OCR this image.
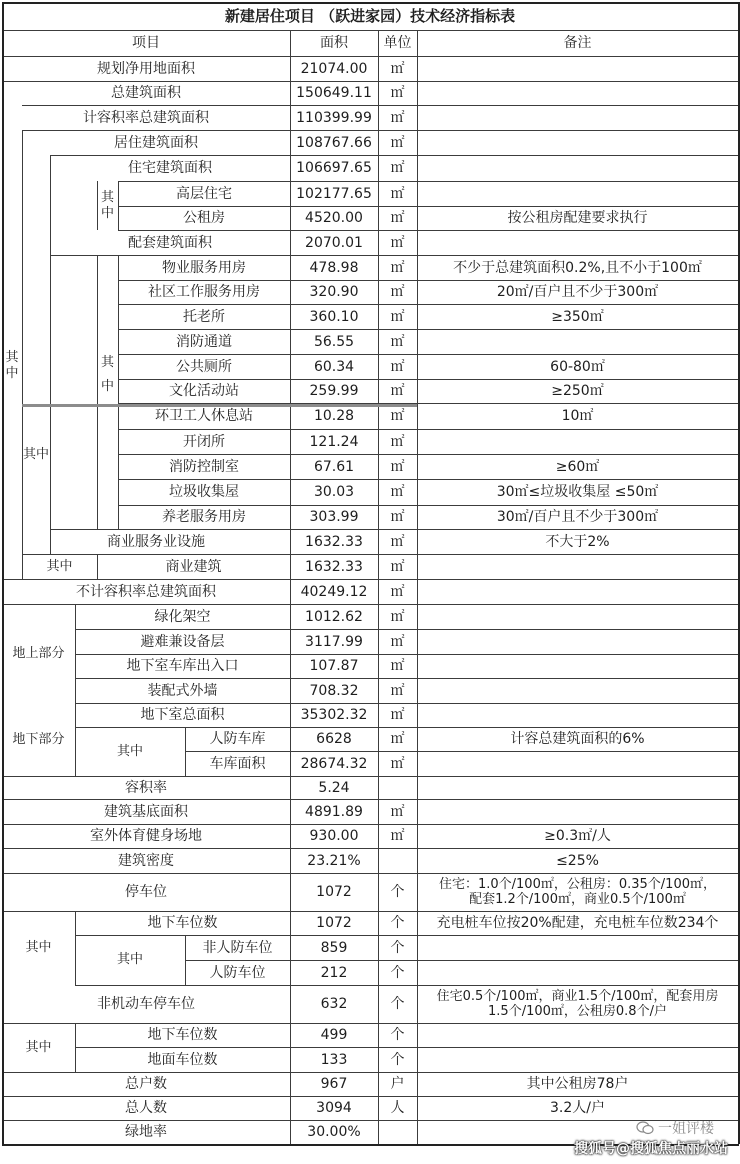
新建居住项目 （跃进家园）技术经济指标表
项目	面积	单位	备注
规划净用地面积	21074.00	㎡
总建筑面积	150649.11	㎡
计容积率总建筑面积	110399.99	㎡
居住建筑面积	108767.66	㎡
住宅建筑面积	106697.65	㎡
高层住宅	102177.65	㎡
公租房	4520.00	㎡	按公租房配建要求执行
配套建筑面积	2070.01	㎡
物业服务用房	478.98	㎡	不少于总建筑面积0.2%,且不小于100㎡
社区工作服务用房	320.90	㎡	20㎡/百户且不少于300㎡
托老所	360.10	㎡	≥350㎡
消防通道	56.55	㎡
公共厕所	60.34	㎡	60-80㎡
文化活动站	259.99	㎡	≥250㎡
环卫工人休息站	10.28	㎡	10㎡
开闭所	121.24	㎡
消防控制室	67.61	㎡	≥60㎡
垃圾收集屋	30.03	㎡	30㎡≤垃圾收集屋 ≤50㎡
养老服务用房	303.99	㎡	30㎡/百户且不少于300㎡
商业服务业设施	1632.33	㎡	不大于2%
商业建筑	1632.33	㎡
不计容积率总建筑面积	40249.12	㎡
绿化架空	1012.62	㎡
避难兼设备层	3117.99	㎡
地下室车库出入口	107.87	㎡
装配式外墙	708.32	㎡
地下室总面积	35302.32	㎡
人防车库	6628	㎡	计容总建筑面积的6%
车库面积	28674.32	㎡
容积率	5.24
建筑基底面积	4891.89	㎡
室外体育健身场地	930.00	㎡	≥0.3㎡/人
建筑密度	23.21%	≤25%
停车位	1072	个	住宅：1.0个/100㎡，公租房：0.35个/100㎡，
配套1.2个/100㎡，商业0.5个/100㎡
地下车位数	1072	个	充电桩车位按20%配建，充电桩车位数234个
非人防车位	859	个
人防车位	212	个
非机动车停车位	632	个	住宅0.5个/100㎡，商业1.5个/100㎡，配套用房
1.5个/100㎡，公租房0.8个/户
地下车位数	499	个
地面车位数	133	个
总户数	967	户	其中公租房78户
总人数	3094	人	3.2人/户
绿地率	30.00%
其中
其中
其中
其中
其中
地上部分
地下部分
其中
其中
其中
其中
一姐评楼
搜狐号@搜狐焦点丽水站
